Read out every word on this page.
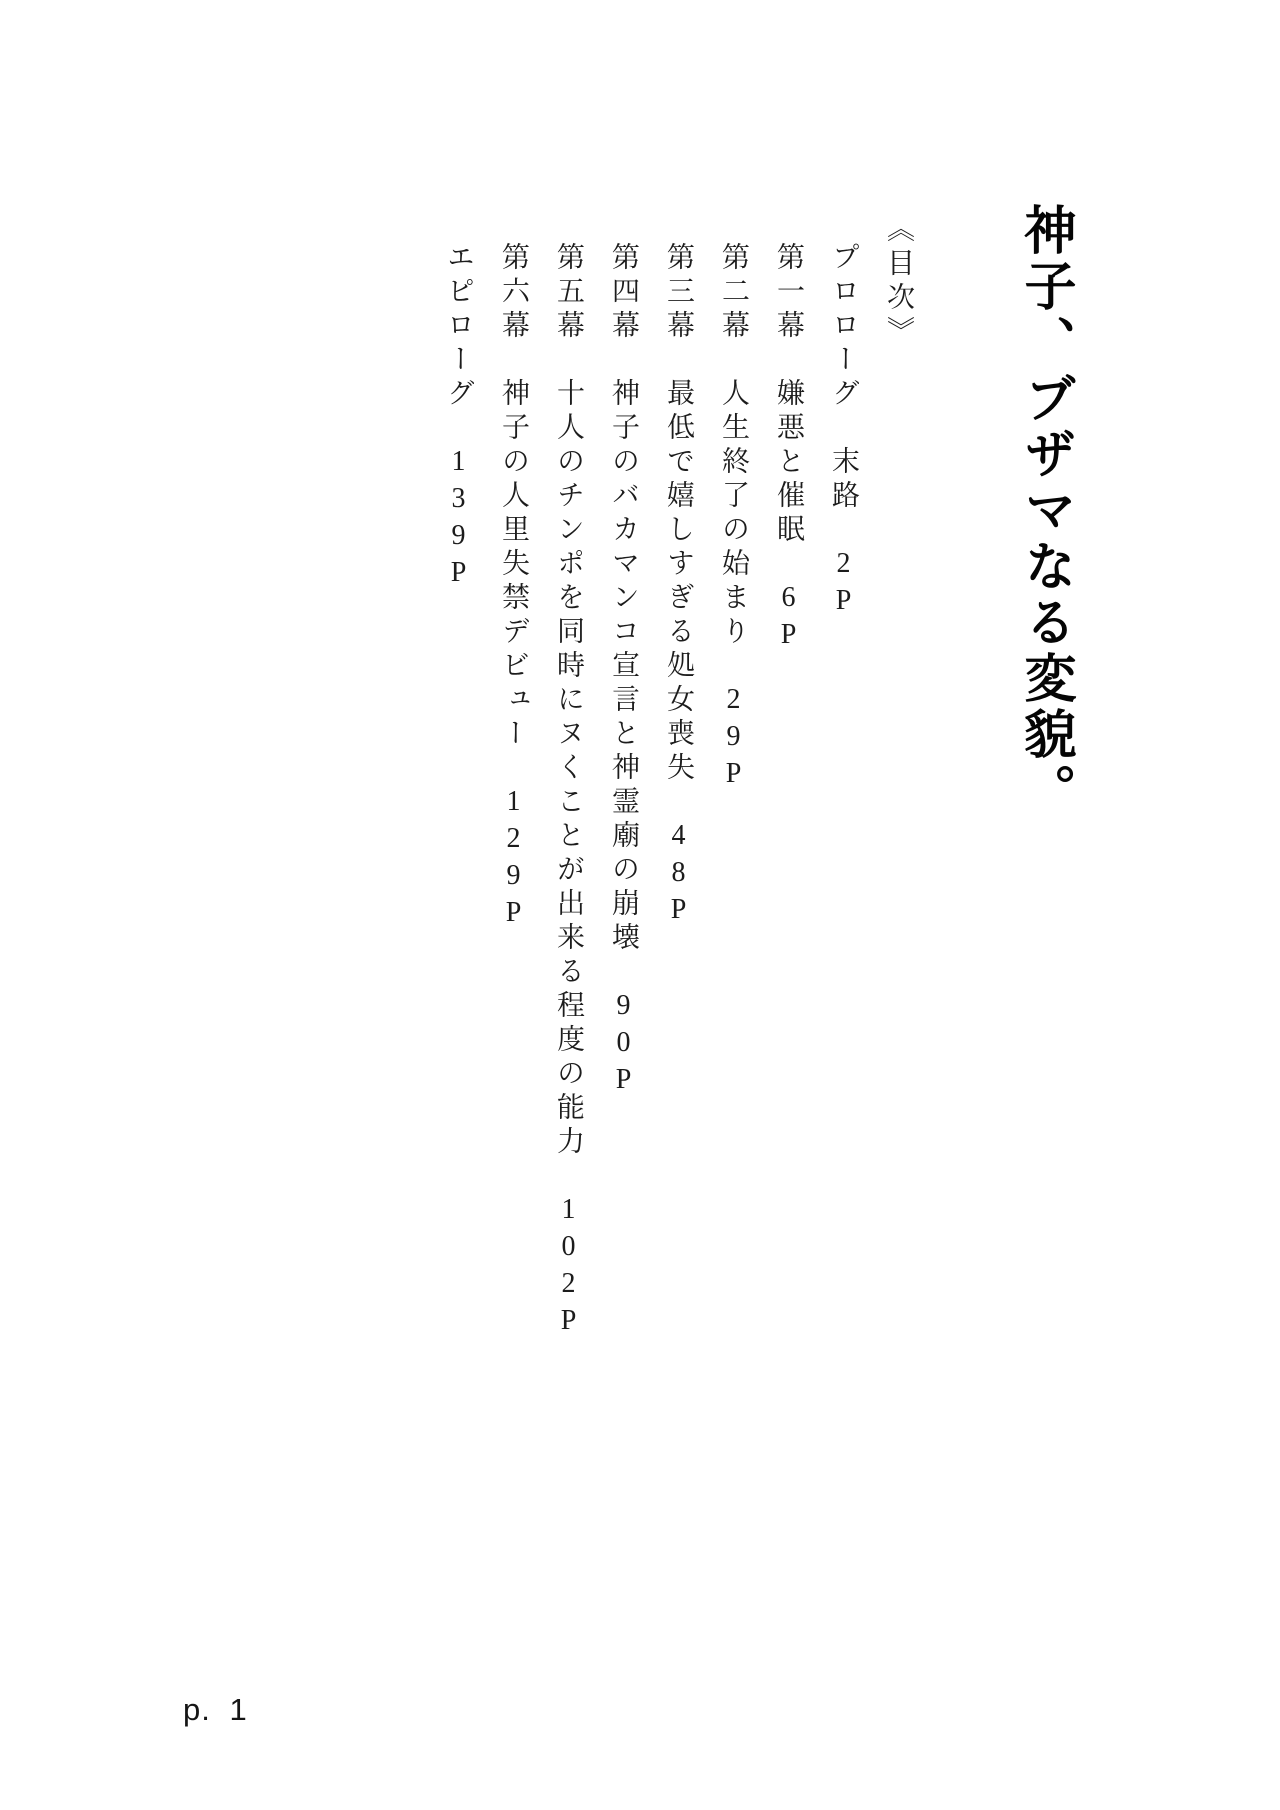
神子、ブザマなる変貌。
《目次》
プロローグ　末路　2P
第一幕　嫌悪と催眠　6P
第二幕　人生終了の始まり　29P
第三幕　最低で嬉しすぎる処女喪失　48P
第四幕　神子のバカマンコ宣言と神霊廟の崩壊　90P
第五幕　十人のチンポを同時にヌくことが出来る程度の能力　102P
第六幕　神子の人里失禁デビュー　129P
エピローグ　139P
p. 1
